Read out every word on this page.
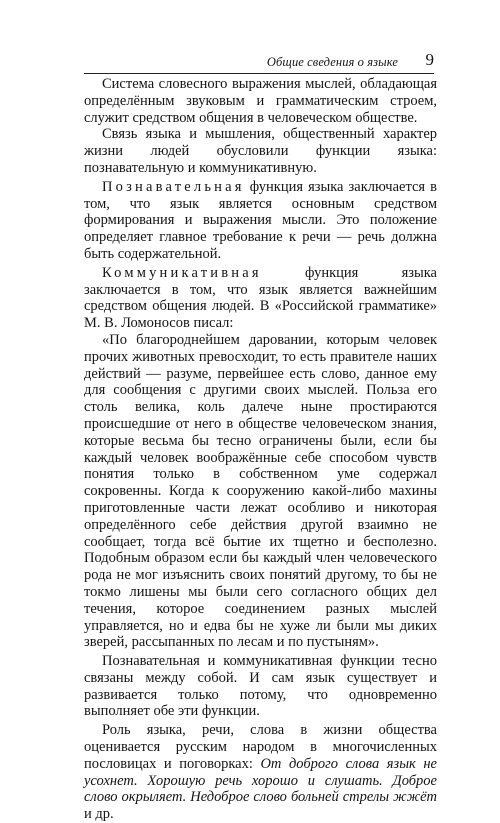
Общие сведения о языке 9

Система словесного выражения мыслей, обладающая определённым звуковым и грамматическим строем, служит средством общения в человеческом обществе.

Связь языка и мышления, общественный характер жизни людей обусловили функции языка: познавательную и коммуникативную.

Познавательная функция языка заключается в том, что язык является основным средством формирования и выражения мысли. Это положение определяет главное требование к речи — речь должна быть содержательной.

Коммуникативная функция языка заключается в том, что язык является важнейшим средством общения людей. В «Российской грамматике» М. В. Ломоносов писал:

«По благороднейшем даровании, которым человек прочих животных превосходит, то есть правителе наших действий — разуме, первейшее есть слово, данное ему для сообщения с другими своих мыслей. Польза его столь велика, коль далече ныне простираются происшедшие от него в обществе человеческом знания, которые весьма бы тесно ограничены были, если бы каждый человек воображённые себе способом чувств понятия только в собственном уме содержал сокровенны. Когда к сооружению какой-либо махины приготовленные части лежат особливо и никоторая определённого себе действия другой взаимно не сообщает, тогда всё бытие их тщетно и бесполезно. Подобным образом если бы каждый член человеческого рода не мог изъяснить своих понятий другому, то бы не токмо лишены мы были сего согласного общих дел течения, которое соединением разных мыслей управляется, но и едва бы не хуже ли были мы диких зверей, рассыпанных по лесам и по пустыням».

Познавательная и коммуникативная функции тесно связаны между собой. И сам язык существует и развивается только потому, что одновременно выполняет обе эти функции.

Роль языка, речи, слова в жизни общества оценивается русским народом в многочисленных пословицах и поговорках: От доброго слова язык не усохнет. Хорошую речь хорошо и слушать. Доброе слово окрыляет. Недоброе слово больней стрелы жжёт и др.
